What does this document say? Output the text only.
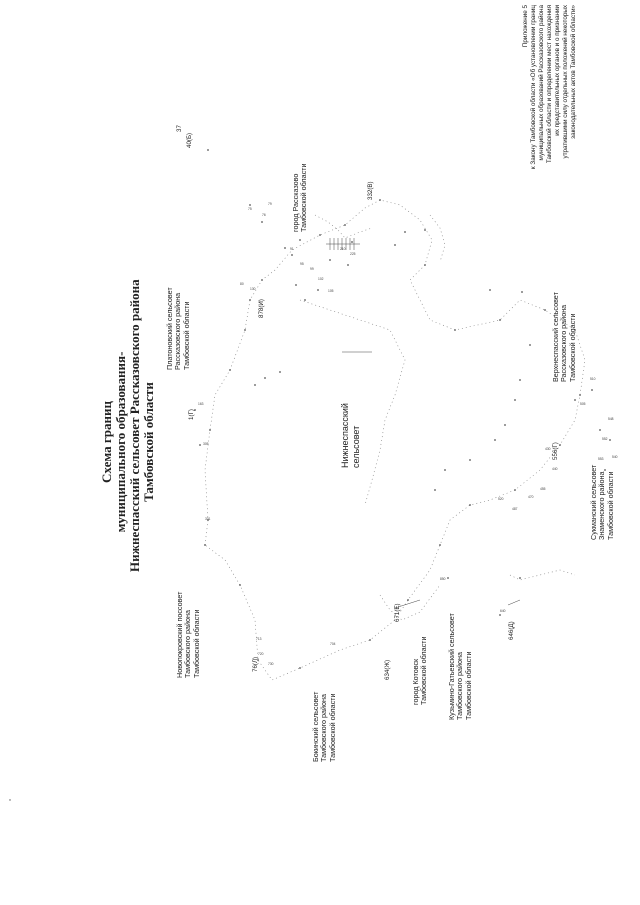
75
76
79
80
130
91
95
99
102
105
210
225
163
305
331
430
440
455
470
487
520
505
510
548
552
553	540
720
730
713
704
850
640
Приложение 5 к Закону Тамбовской области «Об установлении границ муниципальных образований Рассказовского района Тамбовской области и определении мест нахождения их представительных органов и о признании утратившими силу отдельных положений некоторых законодательных актов Тамбовской области»
Схема границ муниципального образования- Нижнеспасский сельсовет Рассказовского района Тамбовской области
Платоновский сельсовет Рассказовского района Тамбовской области
город Рассказово Тамбовской области
Нижнеспасский сельсовет
Верхнеспасский сельсовет Рассказовского района Тамбовской области
Сукманский сельсовет Знаменского района Тамбовской области
Новопокровский поссовет Тамбовского района Тамбовской области
город Котовск Тамбовской области
Бокинский сельсовет Тамбовского района Тамбовской области
Кузьмино-Гатьевский сельсовет Тамбовского района Тамбовской области
37
40(Б)
332(В)
878(И)
1(Г)
556(Г)
76(Л)	634(Ж)
671(Е)
646(Д)
